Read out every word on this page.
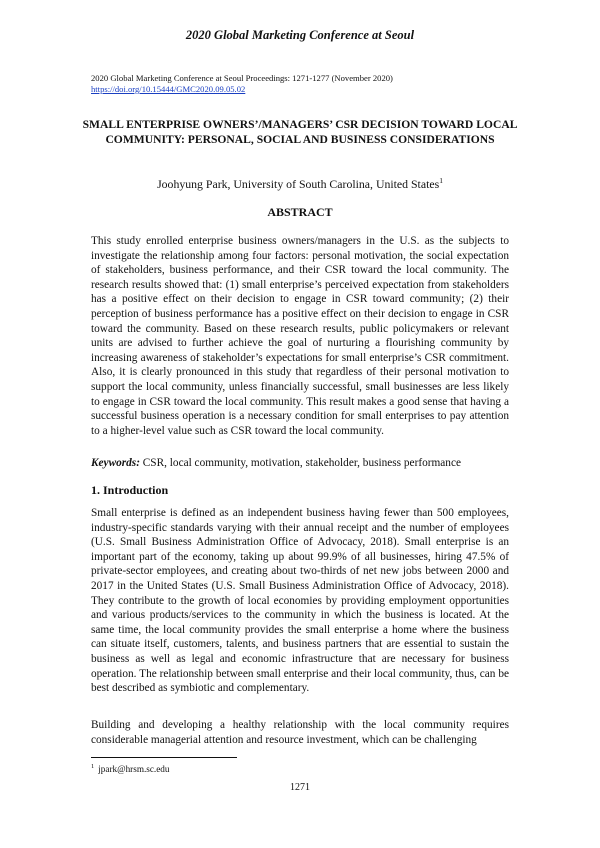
2020 Global Marketing Conference at Seoul
2020 Global Marketing Conference at Seoul Proceedings: 1271-1277 (November 2020)
https://doi.org/10.15444/GMC2020.09.05.02
SMALL ENTERPRISE OWNERS’/MANAGERS’ CSR DECISION TOWARD LOCAL COMMUNITY: PERSONAL, SOCIAL AND BUSINESS CONSIDERATIONS
Joohyung Park, University of South Carolina, United States$^1$
ABSTRACT
This study enrolled enterprise business owners/managers in the U.S. as the subjects to investigate the relationship among four factors: personal motivation, the social expectation of stakeholders, business performance, and their CSR toward the local community. The research results showed that: (1) small enterprise’s perceived expectation from stakeholders has a positive effect on their decision to engage in CSR toward community; (2) their perception of business performance has a positive effect on their decision to engage in CSR toward the community. Based on these research results, public policymakers or relevant units are advised to further achieve the goal of nurturing a flourishing community by increasing awareness of stakeholder’s expectations for small enterprise’s CSR commitment. Also, it is clearly pronounced in this study that regardless of their personal motivation to support the local community, unless financially successful, small businesses are less likely to engage in CSR toward the local community. This result makes a good sense that having a successful business operation is a necessary condition for small enterprises to pay attention to a higher-level value such as CSR toward the local community.
Keywords: CSR, local community, motivation, stakeholder, business performance
1. Introduction
Small enterprise is defined as an independent business having fewer than 500 employees, industry-specific standards varying with their annual receipt and the number of employees (U.S. Small Business Administration Office of Advocacy, 2018). Small enterprise is an important part of the economy, taking up about 99.9% of all businesses, hiring 47.5% of private-sector employees, and creating about two-thirds of net new jobs between 2000 and 2017 in the United States (U.S. Small Business Administration Office of Advocacy, 2018). They contribute to the growth of local economies by providing employment opportunities and various products/services to the community in which the business is located. At the same time, the local community provides the small enterprise a home where the business can situate itself, customers, talents, and business partners that are essential to sustain the business as well as legal and economic infrastructure that are necessary for business operation. The relationship between small enterprise and their local community, thus, can be best described as symbiotic and complementary.
Building and developing a healthy relationship with the local community requires considerable managerial attention and resource investment, which can be challenging
$^1$ jpark@hrsm.sc.edu
1271
